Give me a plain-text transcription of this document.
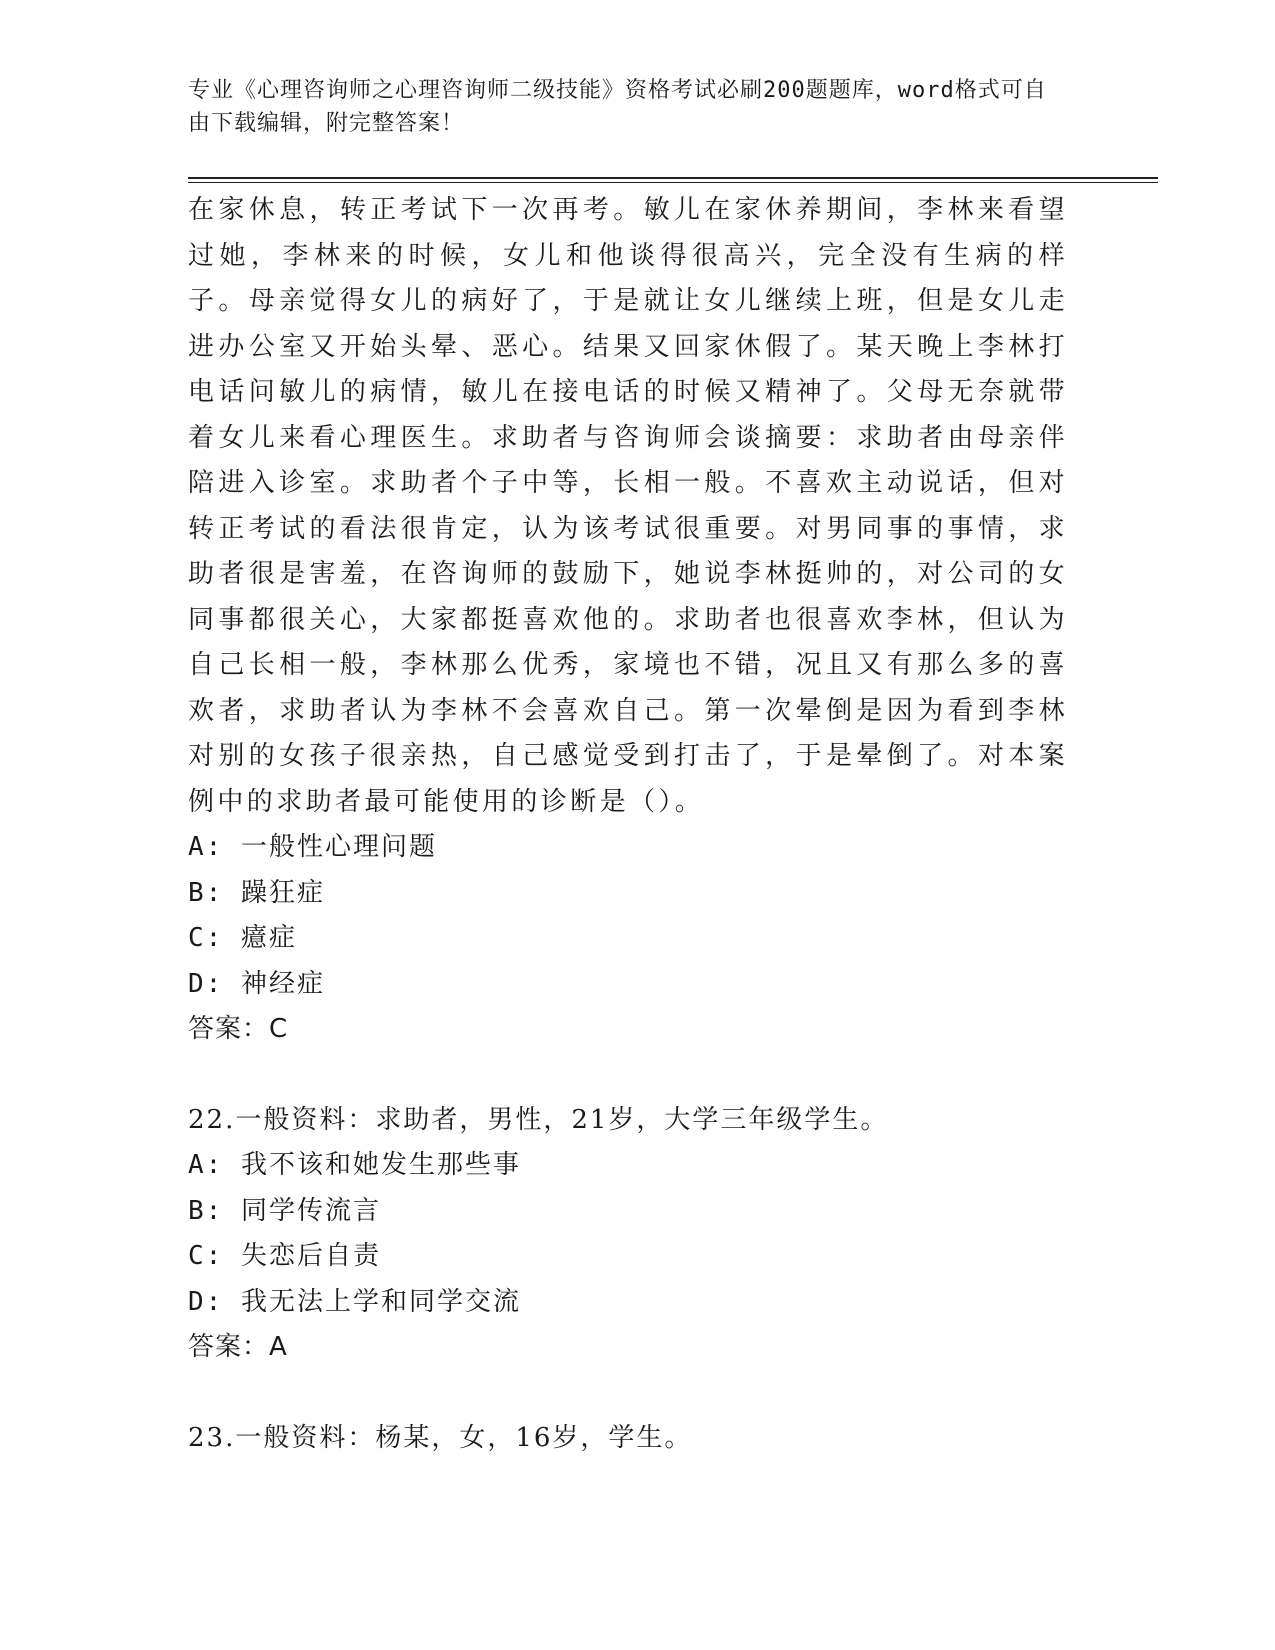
专业《心理咨询师之心理咨询师二级技能》资格考试必刷200题题库，word格式可自由下载编辑，附完整答案！

在家休息，转正考试下一次再考。敏儿在家休养期间，李林来看望过她，李林来的时候，女儿和他谈得很高兴，完全没有生病的样子。母亲觉得女儿的病好了，于是就让女儿继续上班，但是女儿走进办公室又开始头晕、恶心。结果又回家休假了。某天晚上李林打电话问敏儿的病情，敏儿在接电话的时候又精神了。父母无奈就带着女儿来看心理医生。求助者与咨询师会谈摘要：求助者由母亲伴陪进入诊室。求助者个子中等，长相一般。不喜欢主动说话，但对转正考试的看法很肯定，认为该考试很重要。对男同事的事情，求助者很是害羞，在咨询师的鼓励下，她说李林挺帅的，对公司的女同事都很关心，大家都挺喜欢他的。求助者也很喜欢李林，但认为自己长相一般，李林那么优秀，家境也不错，况且又有那么多的喜欢者，求助者认为李林不会喜欢自己。第一次晕倒是因为看到李林对别的女孩子很亲热，自己感觉受到打击了，于是晕倒了。对本案例中的求助者最可能使用的诊断是（）。

A: 一般性心理问题

B: 躁狂症

C: 癔症

D: 神经症

答案：C

22.一般资料：求助者，男性，21岁，大学三年级学生。

A: 我不该和她发生那些事

B: 同学传流言

C: 失恋后自责

D: 我无法上学和同学交流

答案：A

23.一般资料：杨某，女，16岁，学生。
